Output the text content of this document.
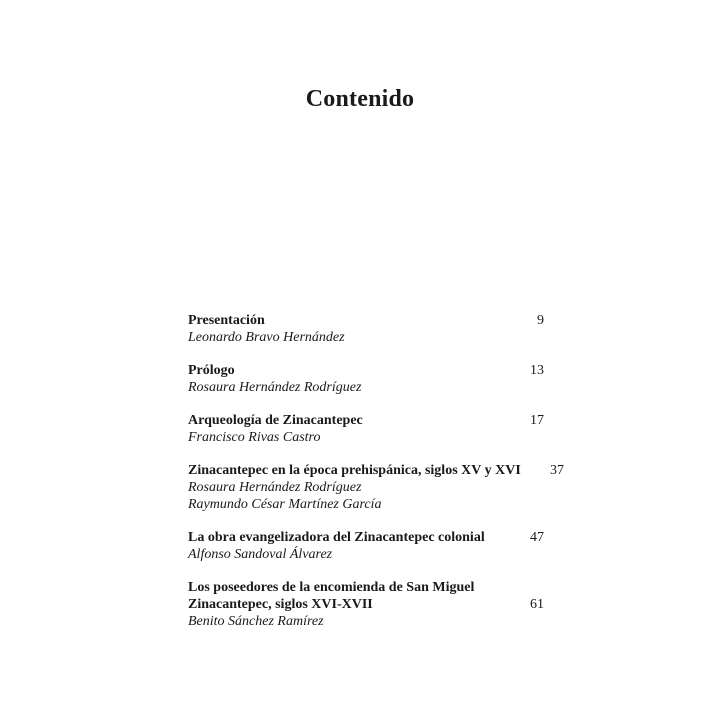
Contenido
Presentación
Leonardo Bravo Hernández
9
Prólogo
Rosaura Hernández Rodríguez
13
Arqueología de Zinacantepec
Francisco Rivas Castro
17
Zinacantepec en la época prehispánica, siglos XV y XVI
Rosaura Hernández Rodríguez
Raymundo César Martínez García
37
La obra evangelizadora del Zinacantepec colonial
Alfonso Sandoval Álvarez
47
Los poseedores de la encomienda de San Miguel Zinacantepec, siglos XVI-XVII
Benito Sánchez Ramírez
61
